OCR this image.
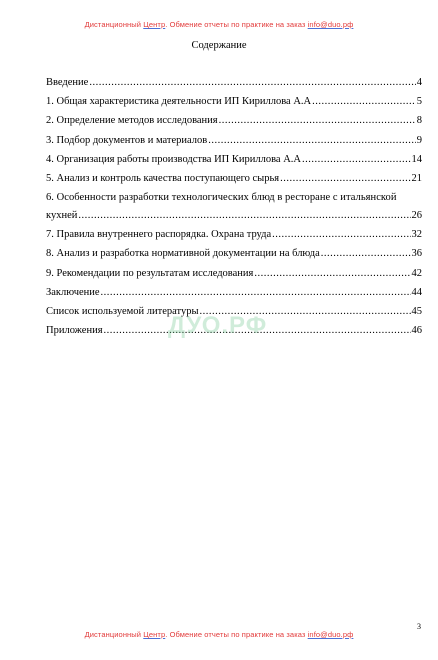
Дистанционный Центр. Обмение отчеты по практике на заказ info@duo.рф
Содержание
Введение .....	4
1. Общая характеристика деятельности ИП Кириллова А.А .....	5
2. Определение методов исследования .....	8
3. Подбор документов и материалов .....	9
4. Организация работы производства ИП Кириллова А.А .....	14
5. Анализ и контроль качества поступающего сырья .....	21
6. Особенности разработки технологических блюд в ресторане с итальянской
кухней .....	26
7. Правила внутреннего распорядка. Охрана труда .....	32
8. Анализ и разработка нормативной документации на блюда .....	36
9. Рекомендации по результатам исследования .....	42
Заключение .....	44
Список используемой литературы .....	45
Приложения .....	46
ДУО.РФ
3
Дистанционный Центр. Обмение отчеты по практике на заказ info@duo.рф
